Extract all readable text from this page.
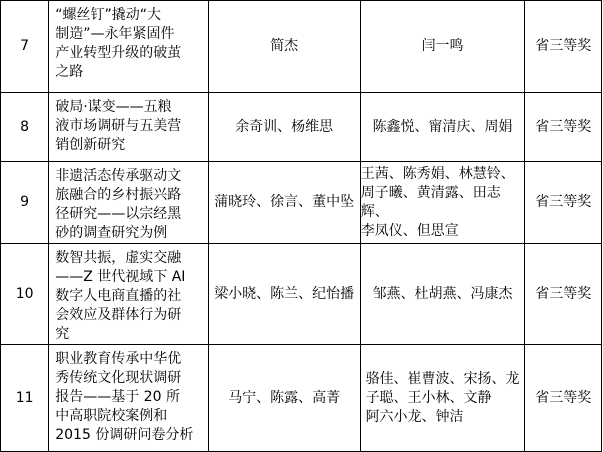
7	“螺丝钉”撬动“大
制造”—永年紧固件
产业转型升级的破茧
之路	简杰	闫一鸣	省三等奖
8	破局·谋变——五粮
液市场调研与五美营
销创新研究	余奇训、杨维思	陈鑫悦、甯清庆、周娟	省三等奖
9	非遗活态传承驱动文
旅融合的乡村振兴路
径研究——以宗经黑
砂的调查研究为例	蒲晓玲、徐言、董中坠	王茜、陈秀娟、林慧铃、
周子曦、黄清露、田志辉、
李凤仪、但思宣	省三等奖
10	数智共振，虚实交融
——Z 世代视域下 AI
数字人电商直播的社
会效应及群体行为研
究	梁小晓、陈兰、纪怡播	邹燕、杜胡燕、冯康杰	省三等奖
11	职业教育传承中华优
秀传统文化现状调研
报告——基于 20 所
中高职院校案例和
2015 份调研问卷分析	马宁、陈露、高菁	骆佳、崔曹波、宋扬、龙
子聪、王小林、文静
阿六小龙、钟洁	省三等奖
